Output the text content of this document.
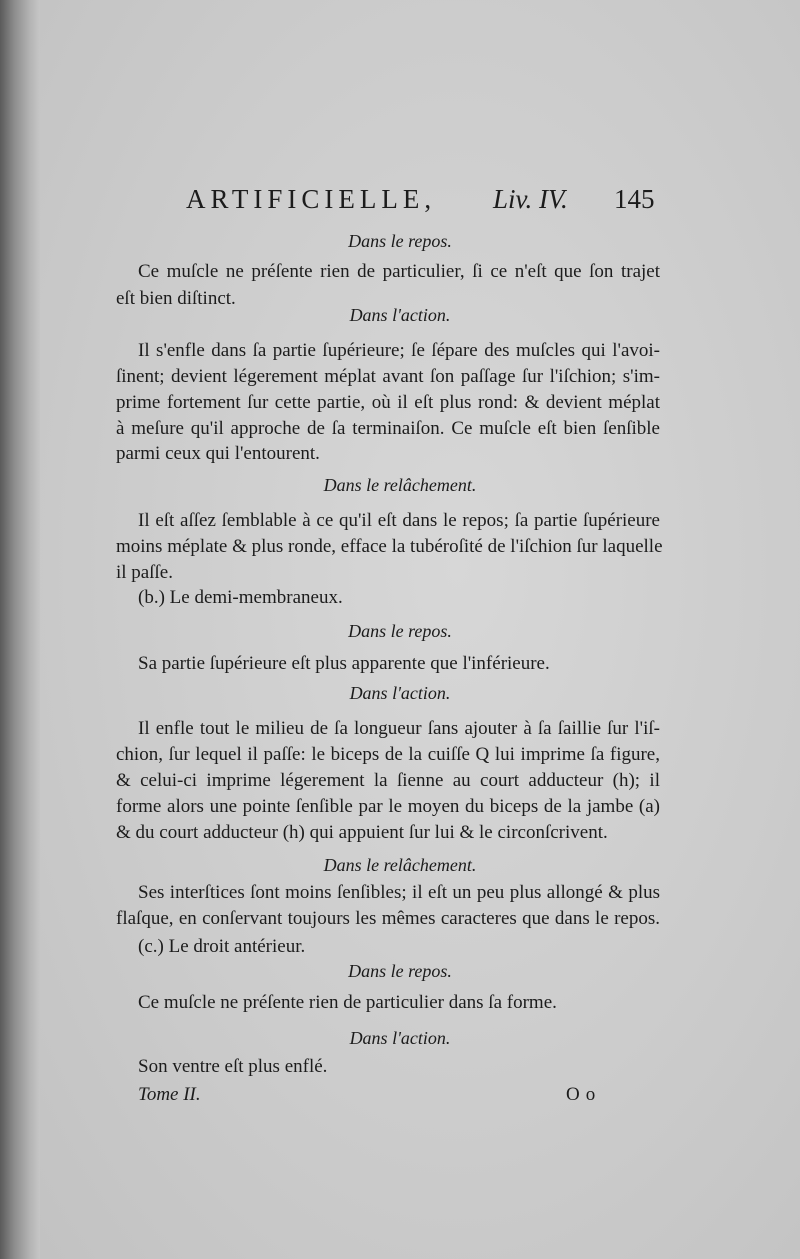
ARTIFICIELLE, Liv. IV. 145
Dans le repos.
Ce muſcle ne préſente rien de particulier, ſi ce n'eſt que ſon trajet
eſt bien diſtinct.
Dans l'action.
Il s'enfle dans ſa partie ſupérieure; ſe ſépare des muſcles qui l'avoi-
ſinent; devient légerement méplat avant ſon paſſage ſur l'iſchion; s'im-
prime fortement ſur cette partie, où il eſt plus rond: & devient méplat
à meſure qu'il approche de ſa terminaiſon. Ce muſcle eſt bien ſenſible
parmi ceux qui l'entourent.
Dans le relâchement.
Il eſt aſſez ſemblable à ce qu'il eſt dans le repos; ſa partie ſupérieure
moins méplate & plus ronde, efface la tubéroſité de l'iſchion ſur laquelle
il paſſe.
(b.) Le demi-membraneux.
Dans le repos.
Sa partie ſupérieure eſt plus apparente que l'inférieure.
Dans l'action.
Il enfle tout le milieu de ſa longueur ſans ajouter à ſa ſaillie ſur l'iſ-
chion, ſur lequel il paſſe: le biceps de la cuiſſe Q lui imprime ſa figure,
& celui-ci imprime légerement la ſienne au court adducteur (h); il
forme alors une pointe ſenſible par le moyen du biceps de la jambe (a)
& du court adducteur (h) qui appuient ſur lui & le circonſcrivent.
Dans le relâchement.
Ses interſtices ſont moins ſenſibles; il eſt un peu plus allongé & plus
flaſque, en conſervant toujours les mêmes caracteres que dans le repos.
(c.) Le droit antérieur.
Dans le repos.
Ce muſcle ne préſente rien de particulier dans ſa forme.
Dans l'action.
Son ventre eſt plus enflé.
Tome II.	Oo
